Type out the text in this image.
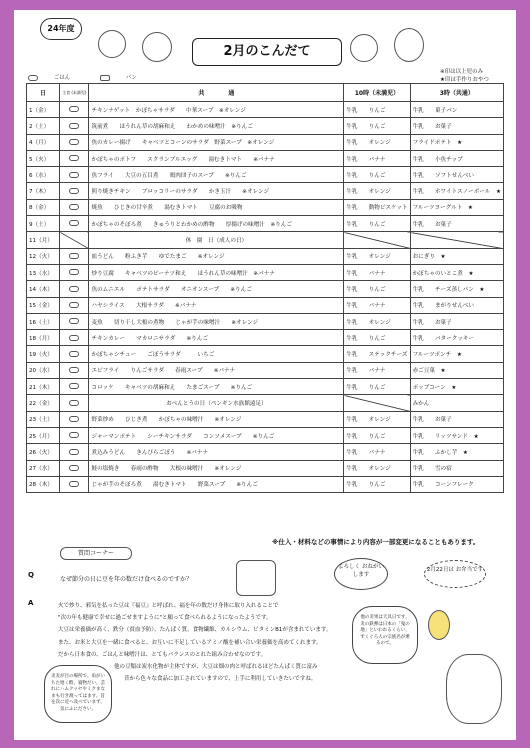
24年度
2月のこんだて
※印は以上児のみ
★印は手作りおやつ
ごはん	パン
日	主食 (未満児)	共　　　　通	10時（未満児）	3時（共通）
1（金）		チキンナゲット　かぼちゃサラダ　　中華スープ　※オレンジ	牛乳　　りんご	牛乳　　菓子パン
2（土）		筑前煮　　ほうれん草の胡麻和え　　わかめの味噌汁　※りんご	牛乳　　りんご	牛乳　　お菓子
4（月）		魚のカレー揚げ　　キャベツとコーンのサラダ　野菜スープ　※オレンジ	牛乳　　オレンジ	フライドポテト　★
5（火）		かぼちゃのポトフ　　スクランブルエッグ　　湯むきトマト　　※バナナ	牛乳　　バナナ	牛乳　　小魚チップ
6（水）		魚フライ　　大豆の五目煮　　鶏肉団子のスープ　　※りんご	牛乳　　りんご	牛乳　　ソフトせんべい
7（木）		照り焼きチキン　　ブロッコリーのサラダ　　かき玉汁　　※オレンジ	牛乳　　オレンジ	牛乳　　ホワイトスノーボール　★
8（金）		焼魚　　ひじきの甘辛煮　　湯むきトマト　　豆腐のお吸物	牛乳　　動物ビスケット	フルーツヨーグルト　★
9（土）		かぼちゃのそぼろ煮　　きゅうりとわかめの酢物　　厚揚げの味噌汁　※りんご	牛乳　　りんご	牛乳　　お菓子
11（月）		休　園　日（成人の日）		
12（火）		皿うどん　　粉ふき芋　　ゆでたまご　　※オレンジ	牛乳　　オレンジ	おにぎり　★
13（水）		炒り豆腐　　キャベツのピーナツ和え　　ほうれん草の味噌汁　※バナナ	牛乳　　バナナ	かぼちゃのいとこ煮　★
14（木）		魚のムニエル　　ポテトサラダ　　オニオンスープ　　※りんご	牛乳　　りんご	牛乳　　チーズ蒸しパン　★
15（金）		ハヤシライス　　大根サラダ　　※バナナ	牛乳　　バナナ	牛乳　　まがりせんべい
16（土）		麦魚　　切り干し大根の煮物　　じゃが芋の味噌汁　　※オレンジ	牛乳　　オレンジ	牛乳　　お菓子
18（月）		チキンカレー　　マカロニサラダ　　※りんご	牛乳　　りんご	牛乳　　バタークッキー
19（火）		かぼちゃシチュー　　ごぼうサラダ　　　いちご	牛乳　　ステックチーズ	フルーツポンチ　★
20（水）		エビフライ　　りんごサラダ　　春雨スープ　　※バナナ	牛乳　　バナナ	赤ご豆菓　★
21（木）		コロッケ　　キャベツの胡麻和え　　たまごスープ　　※りんご	牛乳　　りんご	ポップコーン　★
22（金）		おべんとうの日（ペンギン水族館遠足）		みかん
23（土）		野菜炒め　　ひじき煮　　かぼちゃの味噌汁　　※オレンジ	牛乳　　オレンジ	牛乳　　お菓子
25（月）		ジャーマンポテト　　シーチキンサラダ　　コンソメスープ　　※りんご	牛乳　　りんご	牛乳　　リッツサンド　★
26（火）		煮込みうどん　　きんぴらごぼう　　※バナナ	牛乳　　バナナ	牛乳　　ふかし芋　★
27（水）		鮭の塩焼き　　春雨の酢物　　大根の味噌汁　　※オレンジ	牛乳　　オレンジ	牛乳　　雪の宿
28（木）		じゃが芋のそぼろ煮　　湯むきトマト　　野菜スープ　　※りんご	牛乳　　りんご	牛乳　　コーンフレーク
質問コーナー
※仕入・材料などの事情により内容が一部変更になることもあります。
Q
なぜ節分の日に豆を年の数だけ食べるのですか？
A	火で炒り、邪気を払った豆は『福豆』と呼ばれ、福を年の数だけ身体に取り入れることで

"次の年も健康で幸せに過ごせますように"と願って食べられるようになったようです。

大豆は栄養価が高く、鉄分（貧血予防）、たんぱく質、食物繊維、カルシウム、ビタミンB1が含まれています。

また、お米と大豆を一緒に食べると、お互いに不足しているアミノ酸を補い合い栄養価を高めてくれます。

だから日本食の、ごはんと味噌汁は、とてもバランスのとれた組み合わせなのです。

他の豆類は炭水化物が主体ですが、大豆は畑の肉と呼ばれるほどたんぱく質に富み

昔から色々な食品に加工されていますので、上手に利用していきたいですね。

よろしく おねがい します
2月22日は お弁当です
他の炎果は天具日です。炎の鉄弾は日本の「鬼の地」といわれるくらい、ずくぐろ人の宗族名が乗るので。
炎炎が目の場所で、角がいちた遅く酔、寝物だい、芸れにハムクッセやミクまなまも行き渡ってはます。首を次に近へ及べていまず、気にふにださい。
